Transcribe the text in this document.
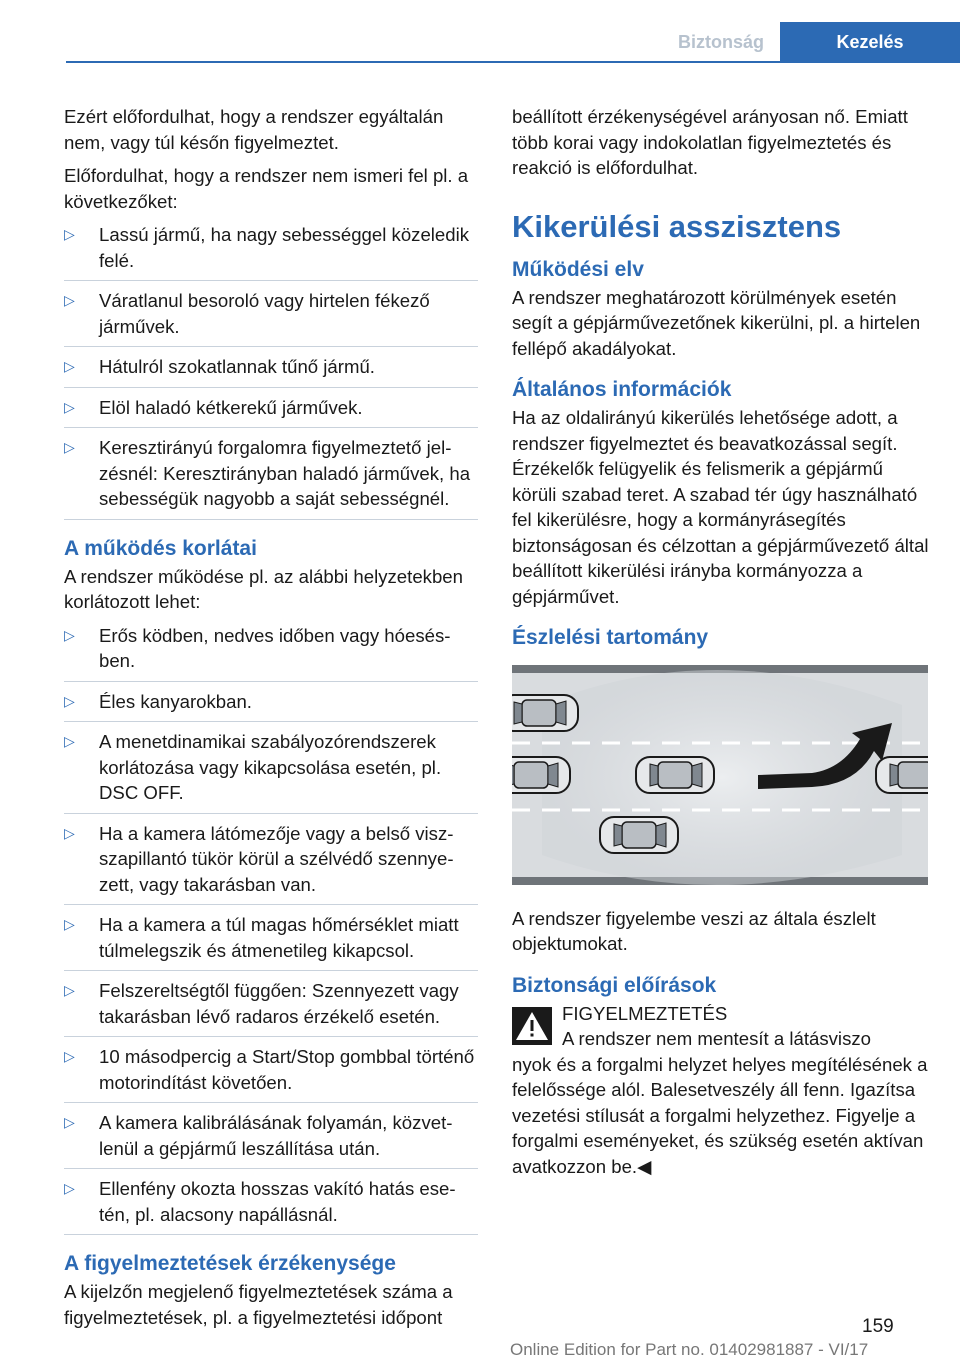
Biztonság	Kezelés

Ezért előfordulhat, hogy a rendszer egyáltalán nem, vagy túl későn figyelmeztet.

Előfordulhat, hogy a rendszer nem ismeri fel pl. a következőket:

▷ Lassú jármű, ha nagy sebességgel közeledik felé.
▷ Váratlanul besoroló vagy hirtelen fékező járművek.
▷ Hátulról szokatlannak tűnő jármű.
▷ Elöl haladó kétkerekű járművek.
▷ Keresztirányú forgalomra figyelmeztető jelzésnél: Keresztirányban haladó járművek, ha sebességük nagyobb a saját sebességnél.
A működés korlátai

A rendszer működése pl. az alábbi helyzetekben korlátozott lehet:

▷ Erős ködben, nedves időben vagy hóesésben.
▷ Éles kanyarokban.
▷ A menetdinamikai szabályozórendszerek korlátozása vagy kikapcsolása esetén, pl. DSC OFF.
▷ Ha a kamera látómezője vagy a belső viszszapillantó tükör körül a szélvédő szennyezett, vagy takarásban van.
▷ Ha a kamera a túl magas hőmérséklet miatt túlmelegszik és átmenetileg kikapcsol.
▷ Felszereltségtől függően: Szennyezett vagy takarásban lévő radaros érzékelő esetén.
▷ 10 másodpercig a Start/Stop gombbal történő motorindítást követően.
▷ A kamera kalibrálásának folyamán, közvetlenül a gépjármű leszállítása után.
▷ Ellenfény okozta hosszas vakító hatás esetén, pl. alacsony napállásnál.
A figyelmeztetések érzékenysége

A kijelzőn megjelenő figyelmeztetések száma a figyelmeztetések, pl. a figyelmeztetési időpont

beállított érzékenységével arányosan nő. Emiatt több korai vagy indokolatlan figyelmeztetés és reakció is előfordulhat.

Kikerülési asszisztens
Működési elv

A rendszer meghatározott körülmények esetén segít a gépjárművezetőnek kikerülni, pl. a hirtelen fellépő akadályokat.

Általános információk

Ha az oldalirányú kikerülés lehetősége adott, a rendszer figyelmeztet és beavatkozással segít. Érzékelők felügyelik és felismerik a gépjármű körüli szabad teret. A szabad tér úgy használható fel kikerülésre, hogy a kormányrásegítés biztonságosan és célzottan a gépjárművezető által beállított kikerülési irányba kormányozza a gépjárművet.

Észlelési tartomány

A rendszer figyelembe veszi az általa észlelt objektumokat.

Biztonsági előírások

FIGYELMEZTETÉS

A rendszer nem mentesít a látásviszo

nyok és a forgalmi helyzet helyes megítélésének a felelőssége alól. Balesetveszély áll fenn. Igazítsa vezetési stílusát a forgalmi helyzethez. Figyelje a forgalmi eseményeket, és szükség esetén aktívan avatkozzon be.◀

159
Online Edition for Part no. 01402981887 - VI/17
